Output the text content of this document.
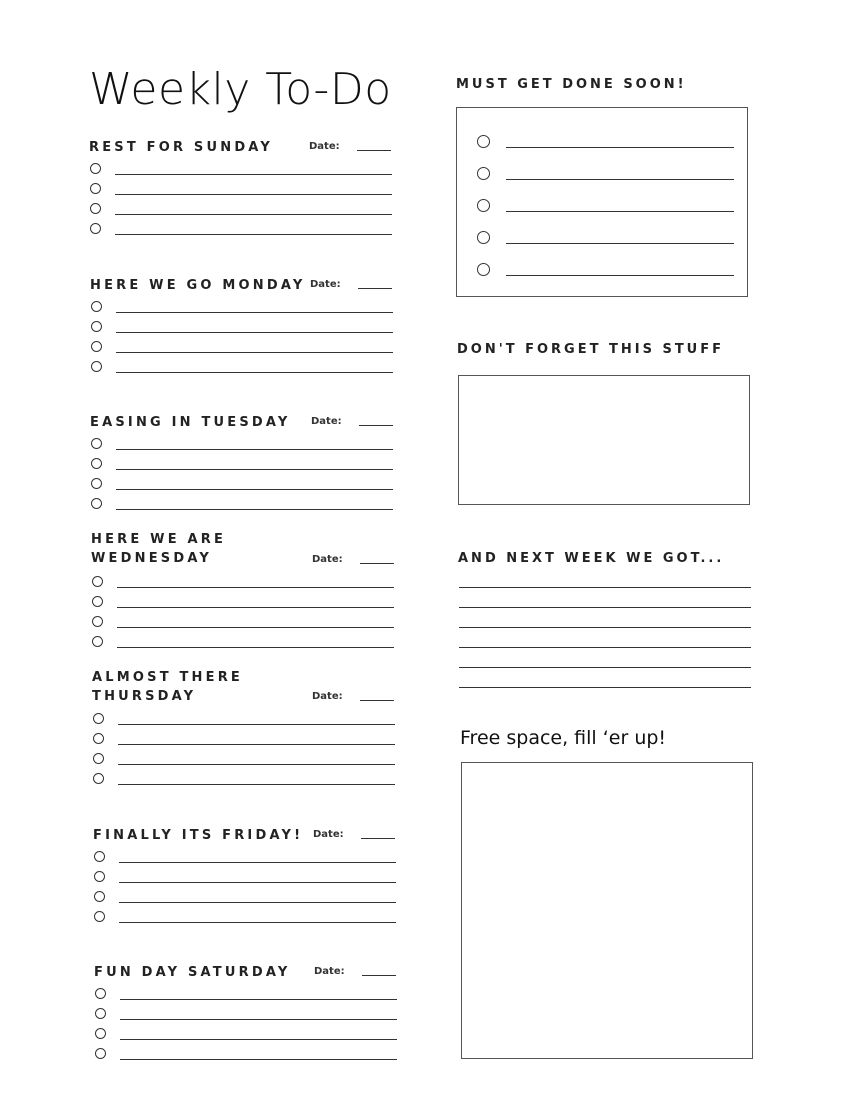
Weekly To-Do
REST FOR SUNDAY	Date:
HERE WE GO MONDAY Date:
EASING IN TUESDAY Date:
HERE WE ARE
WEDNESDAY	Date:
ALMOST THERE
THURSDAY	Date:
FINALLY ITS FRIDAY! Date:
FUN DAY SATURDAY Date:
MUST GET DONE SOON!
DON'T FORGET THIS STUFF
AND NEXT WEEK WE GOT...
Free space, fill ‘er up!
